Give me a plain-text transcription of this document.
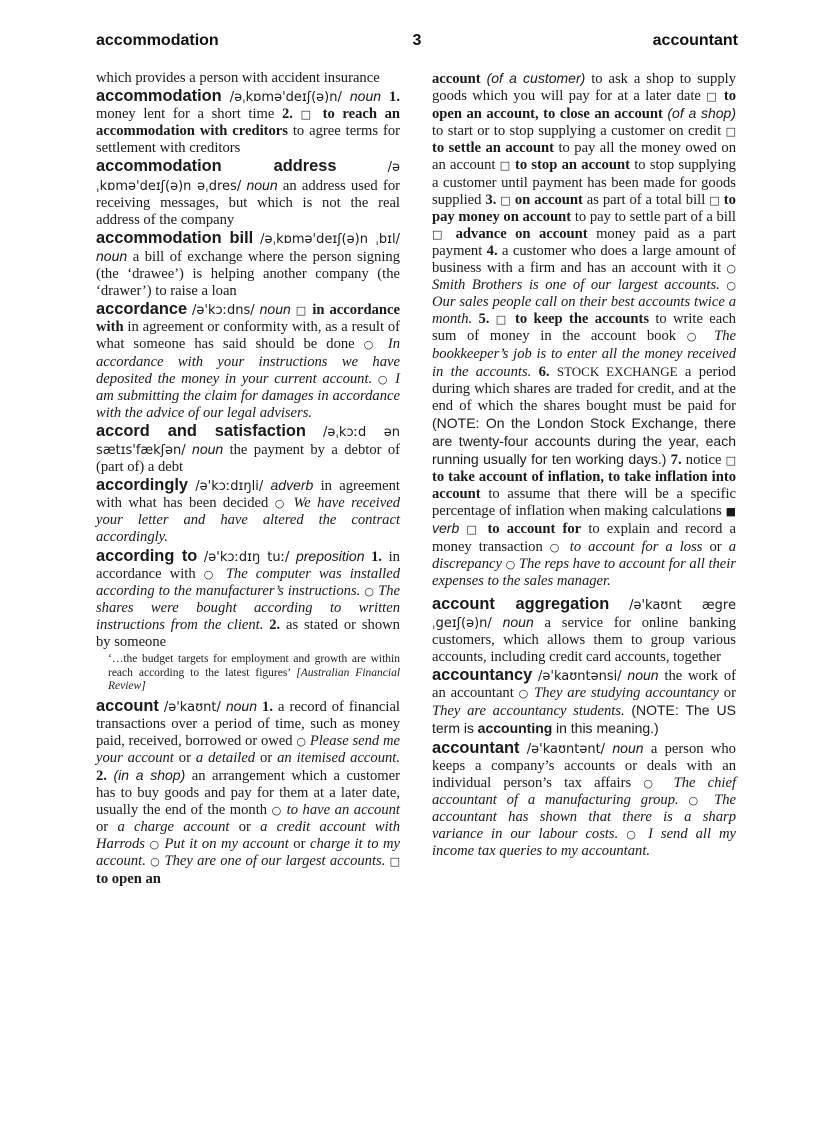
accommodation	3	accountant

which provides a person with accident insurance

accommodation /əˌkɒmə'deɪʃ(ə)n/ noun 1. money lent for a short time 2. □ to reach an accommodation with creditors to agree terms for settlement with creditors

accommodation address	/əˌkɒmə'deɪʃ(ə)n əˌdres/ noun an address used for receiving messages, but which is not the real address of the company

accommodation bill /əˌkɒmə'deɪʃ(ə)n ˌbɪl/ noun a bill of exchange where the person signing (the ‘drawee’) is helping another company (the ‘drawer’) to raise a loan

accordance /ə'kɔːdns/ noun □ in accordance with in agreement or conformity with, as a result of what someone has said should be done ○ In accordance with your instructions we have deposited the money in your current account. ○ I am submitting the claim for damages in accordance with the advice of our legal advisers.

accord and satisfaction /əˌkɔːd ən sætɪs'fækʃən/ noun the payment by a debtor of (part of) a debt

accordingly /ə'kɔːdɪŋli/ adverb in agreement with what has been decided ○ We have received your letter and have altered the contract accordingly.

according to /ə'kɔːdɪŋ tuː/ preposition 1. in accordance with ○ The computer was installed according to the manufacturer’s instructions. ○ The shares were bought according to written instructions from the client. 2. as stated or shown by someone

‘…the budget targets for employment and growth are within reach according to the latest figures’ [Australian Financial Review]

account /ə'kaʊnt/ noun 1. a record of financial transactions over a period of time, such as money paid, received, borrowed or owed ○ Please send me your account or a detailed or an itemised account. 2. (in a shop) an arrangement which a customer has to buy goods and pay for them at a later date, usually the end of the month ○ to have an account or a charge account or a credit account with Harrods ○ Put it on my account or charge it to my account. ○ They are one of our largest accounts. □ to open an

account (of a customer) to ask a shop to supply goods which you will pay for at a later date □ to open an account, to close an account (of a shop) to start or to stop supplying a customer on credit □ to settle an account to pay all the money owed on an account □ to stop an account to stop supplying a customer until payment has been made for goods supplied 3. □ on account as part of a total bill □ to pay money on account to pay to settle part of a bill □ advance on account money paid as a part payment 4. a customer who does a large amount of business with a firm and has an account with it ○ Smith Brothers is one of our largest accounts. ○ Our sales people call on their best accounts twice a month. 5. □ to keep the accounts to write each sum of money in the account book ○ The bookkeeper’s job is to enter all the money received in the accounts. 6. STOCK EXCHANGE a period during which shares are traded for credit, and at the end of which the shares bought must be paid for (NOTE: On the London Stock Exchange, there are twenty-four accounts during the year, each running usually for ten working days.) 7. notice □ to take account of inflation, to take inflation into account to assume that there will be a specific percentage of inflation when making calculations ■ verb □ to account for to explain and record a money transaction ○ to account for a loss or a discrepancy ○ The reps have to account for all their expenses to the sales manager.

account aggregation /ə'kaʊnt ægreˌgeɪʃ(ə)n/ noun a service for online banking customers, which allows them to group various accounts, including credit card accounts, together

accountancy /ə'kaʊntənsi/ noun the work of an accountant ○ They are studying accountancy or They are accountancy students. (NOTE: The US term is accounting in this meaning.)

accountant /ə'kaʊntənt/ noun a person who keeps a company’s accounts or deals with an individual person’s tax affairs ○ The chief accountant of a manufacturing group. ○ The accountant has shown that there is a sharp variance in our labour costs. ○ I send all my income tax queries to my accountant.
